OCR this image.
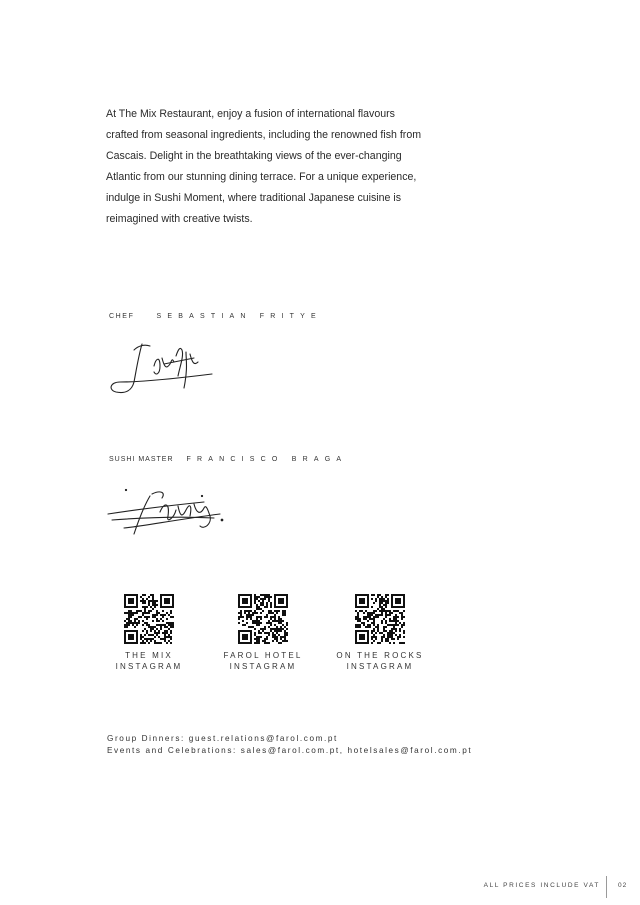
At The Mix Restaurant, enjoy a fusion of international flavours
crafted from seasonal ingredients, including the renowned fish from
Cascais. Delight in the breathtaking views of the ever-changing
Atlantic from our stunning dining terrace. For a unique experience,
indulge in Sushi Moment, where traditional Japanese cuisine is
reimagined with creative twists.
CHEF	SEBASTIAN FRITYE
SUSHI MASTER FRANCISCO BRAGA
THE MIX
INSTAGRAM
FAROL HOTEL
INSTAGRAM
ON THE ROCKS
INSTAGRAM
Group Dinners: guest.relations@farol.com.pt
Events and Celebrations: sales@farol.com.pt, hotelsales@farol.com.pt
ALL PRICES INCLUDE VAT	02
